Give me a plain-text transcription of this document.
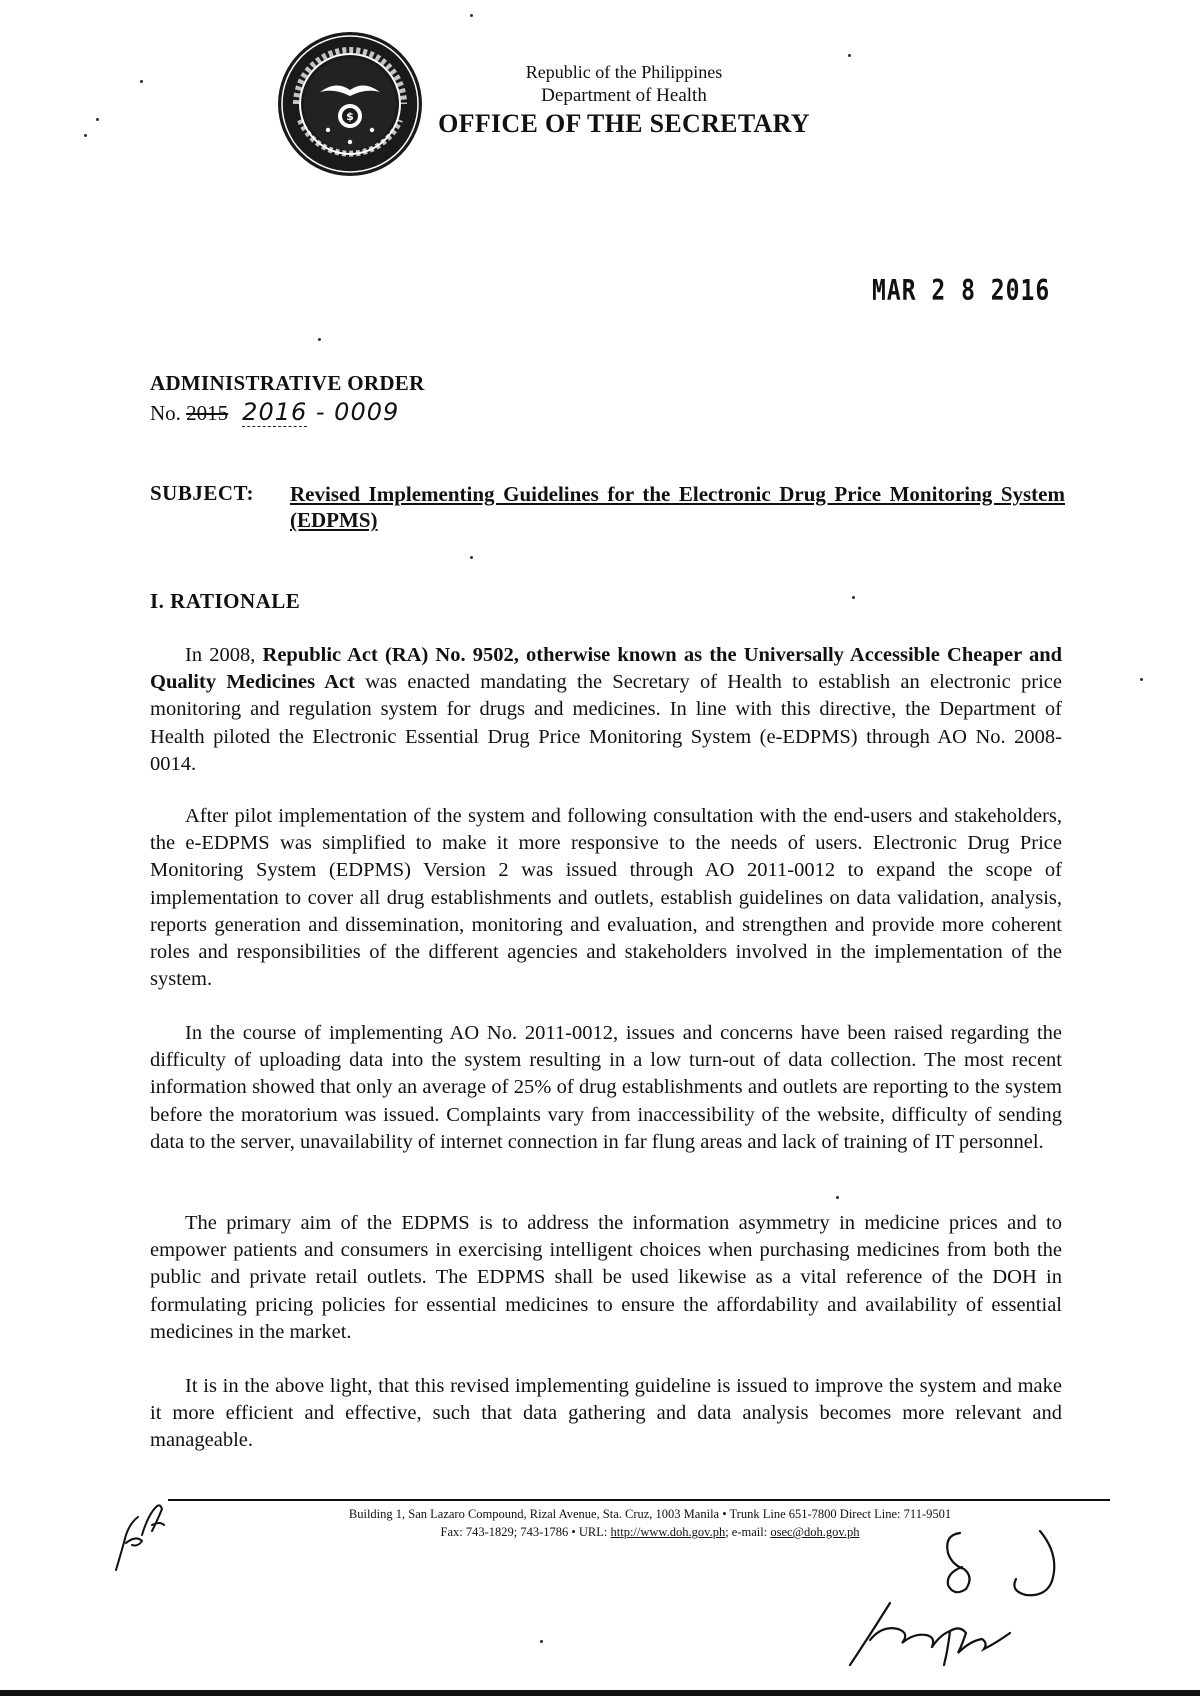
$
Republic of the Philippines
Department of Health
OFFICE OF THE SECRETARY
MAR 2 8 2016
ADMINISTRATIVE ORDER
No. 2015 2016 - 0009
SUBJECT: Revised Implementing Guidelines for the Electronic Drug Price Monitoring System (EDPMS)
I. RATIONALE

In 2008, Republic Act (RA) No. 9502, otherwise known as the Universally Accessible Cheaper and Quality Medicines Act was enacted mandating the Secretary of Health to establish an electronic price monitoring and regulation system for drugs and medicines. In line with this directive, the Department of Health piloted the Electronic Essential Drug Price Monitoring System (e-EDPMS) through AO No. 2008-0014.

After pilot implementation of the system and following consultation with the end-users and stakeholders, the e-EDPMS was simplified to make it more responsive to the needs of users. Electronic Drug Price Monitoring System (EDPMS) Version 2 was issued through AO 2011-0012 to expand the scope of implementation to cover all drug establishments and outlets, establish guidelines on data validation, analysis, reports generation and dissemination, monitoring and evaluation, and strengthen and provide more coherent roles and responsibilities of the different agencies and stakeholders involved in the implementation of the system.

In the course of implementing AO No. 2011-0012, issues and concerns have been raised regarding the difficulty of uploading data into the system resulting in a low turn-out of data collection. The most recent information showed that only an average of 25% of drug establishments and outlets are reporting to the system before the moratorium was issued. Complaints vary from inaccessibility of the website, difficulty of sending data to the server, unavailability of internet connection in far flung areas and lack of training of IT personnel.

The primary aim of the EDPMS is to address the information asymmetry in medicine prices and to empower patients and consumers in exercising intelligent choices when purchasing medicines from both the public and private retail outlets. The EDPMS shall be used likewise as a vital reference of the DOH in formulating pricing policies for essential medicines to ensure the affordability and availability of essential medicines in the market.

It is in the above light, that this revised implementing guideline is issued to improve the system and make it more efficient and effective, such that data gathering and data analysis becomes more relevant and manageable.

Building 1, San Lazaro Compound, Rizal Avenue, Sta. Cruz, 1003 Manila • Trunk Line 651-7800 Direct Line: 711-9501
Fax: 743-1829; 743-1786 • URL: http://www.doh.gov.ph; e-mail: osec@doh.gov.ph
